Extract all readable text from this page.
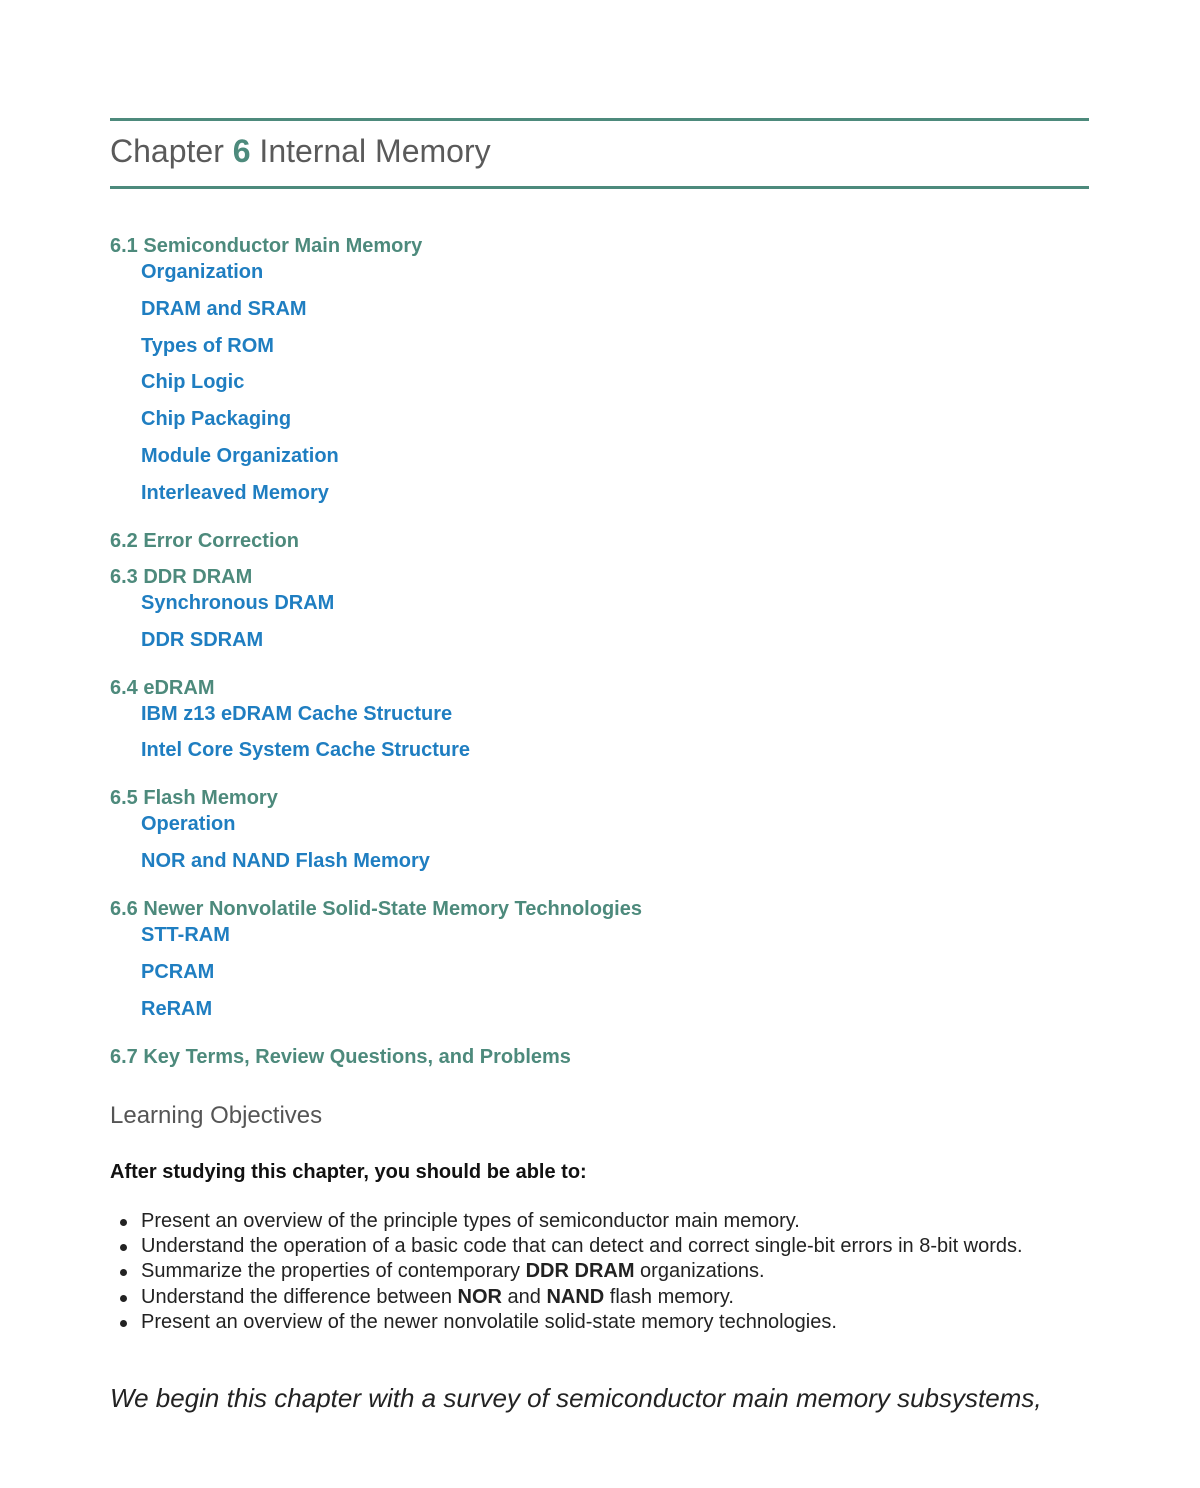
Chapter 6 Internal Memory
6.1 Semiconductor Main Memory
Organization
DRAM and SRAM
Types of ROM
Chip Logic
Chip Packaging
Module Organization
Interleaved Memory
6.2 Error Correction
6.3 DDR DRAM
Synchronous DRAM
DDR SDRAM
6.4 eDRAM
IBM z13 eDRAM Cache Structure
Intel Core System Cache Structure
6.5 Flash Memory
Operation
NOR and NAND Flash Memory
6.6 Newer Nonvolatile Solid-State Memory Technologies
STT-RAM
PCRAM
ReRAM
6.7 Key Terms, Review Questions, and Problems
Learning Objectives
After studying this chapter, you should be able to:
Present an overview of the principle types of semiconductor main memory.
Understand the operation of a basic code that can detect and correct single-bit errors in 8-bit words.
Summarize the properties of contemporary DDR DRAM organizations.
Understand the difference between NOR and NAND flash memory.
Present an overview of the newer nonvolatile solid-state memory technologies.
We begin this chapter with a survey of semiconductor main memory subsystems,
